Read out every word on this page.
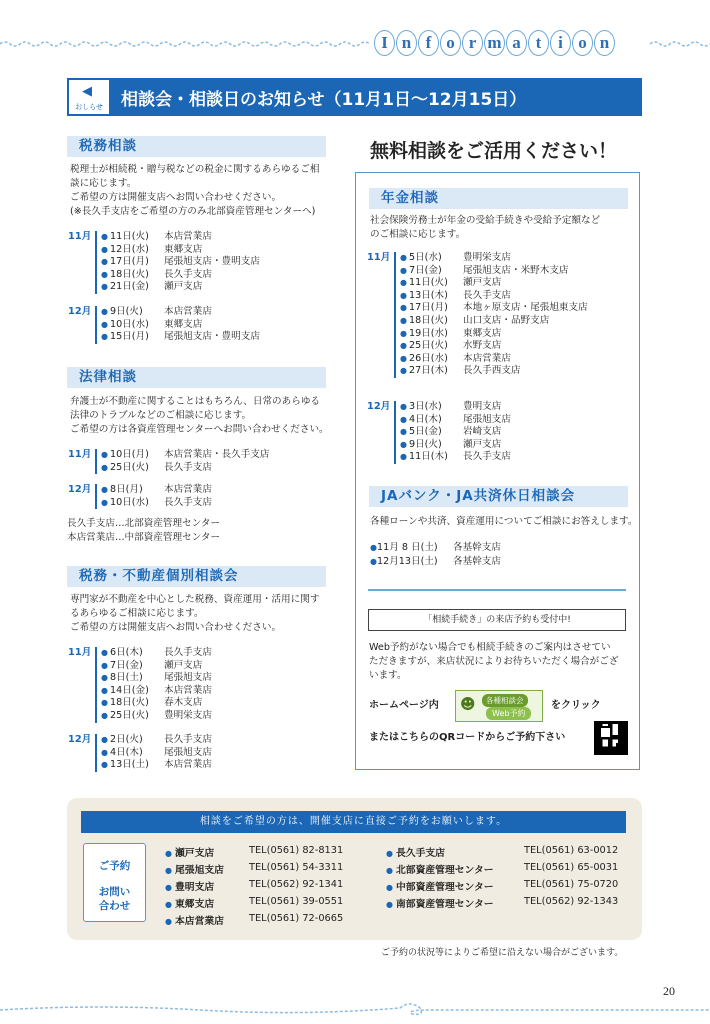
I n f o r m a t i o n
◀
おしらせ	相談会・相談日のお知らせ（11月1日〜12月15日）
税務相談
税理士が相続税・贈与税などの税金に関するあらゆるご相
談に応じます。
ご希望の方は開催支店へお問い合わせください。
(※長久手支店をご希望の方のみ北部資産管理センターへ)
11月	● 11日(火) 本店営業店
● 12日(水) 東郷支店
● 17日(月) 尾張旭支店・豊明支店
● 18日(火) 長久手支店
● 21日(金) 瀬戸支店
12月	● 9日(火) 本店営業店
● 10日(水) 東郷支店
● 15日(月) 尾張旭支店・豊明支店
法律相談
弁護士が不動産に関することはもちろん、日常のあらゆる
法律のトラブルなどのご相談に応じます。
ご希望の方は各資産管理センターへお問い合わせください。
11月	● 10日(月) 本店営業店・長久手支店
● 25日(火) 長久手支店
12月	● 8日(月) 本店営業店
● 10日(水) 長久手支店
長久手支店…北部資産管理センター
本店営業店…中部資産管理センター
税務・不動産個別相談会
専門家が不動産を中心とした税務、資産運用・活用に関す
るあらゆるご相談に応じます。
ご希望の方は開催支店へお問い合わせください。
11月	● 6日(木) 長久手支店
● 7日(金) 瀬戸支店
● 8日(土) 尾張旭支店
● 14日(金) 本店営業店
● 18日(火) 春木支店
● 25日(火) 豊明栄支店
12月	● 2日(火) 長久手支店
● 4日(木) 尾張旭支店
● 13日(土) 本店営業店
無料相談をご活用ください！
年金相談
社会保険労務士が年金の受給手続きや受給予定額など
のご相談に応じます。
11月	● 5日(水) 豊明栄支店
● 7日(金) 尾張旭支店・米野木支店
● 11日(火) 瀬戸支店
● 13日(木) 長久手支店
● 17日(月) 本地ヶ原支店・尾張旭東支店
● 18日(火) 山口支店・品野支店
● 19日(水) 東郷支店
● 25日(火) 水野支店
● 26日(水) 本店営業店
● 27日(木) 長久手西支店
12月	● 3日(水) 豊明支店
● 4日(木) 尾張旭支店
● 5日(金) 岩崎支店
● 9日(火) 瀬戸支店
● 11日(木) 長久手支店
JAバンク・JA共済休日相談会
各種ローンや共済、資産運用についてご相談にお答えします。
●11月 8 日(土) 各基幹支店
●12月13日(土) 各基幹支店
「相続手続き」の来店予約も受付中!
Web予約がない場合でも相続手続きのご案内はさせてい
ただきますが、来店状況によりお待ちいただく場合がござ
います。
ホームページ内 ☻	各種相談会
Web予約
をクリック
またはこちらのQRコードからご予約下さい
相談をご希望の方は、開催支店に直接ご予約をお願いします。
ご予約
お問い
合わせ
● 瀬戸支店	TEL(0561) 82-8131
● 尾張旭支店	TEL(0561) 54-3311
● 豊明支店	TEL(0562) 92-1341
● 東郷支店	TEL(0561) 39-0551
● 本店営業店	TEL(0561) 72-0665
● 長久手支店	TEL(0561) 63-0012
● 北部資産管理センター	TEL(0561) 65-0031
● 中部資産管理センター	TEL(0561) 75-0720
● 南部資産管理センター	TEL(0562) 92-1343
ご予約の状況等によりご希望に沿えない場合がございます。
20
